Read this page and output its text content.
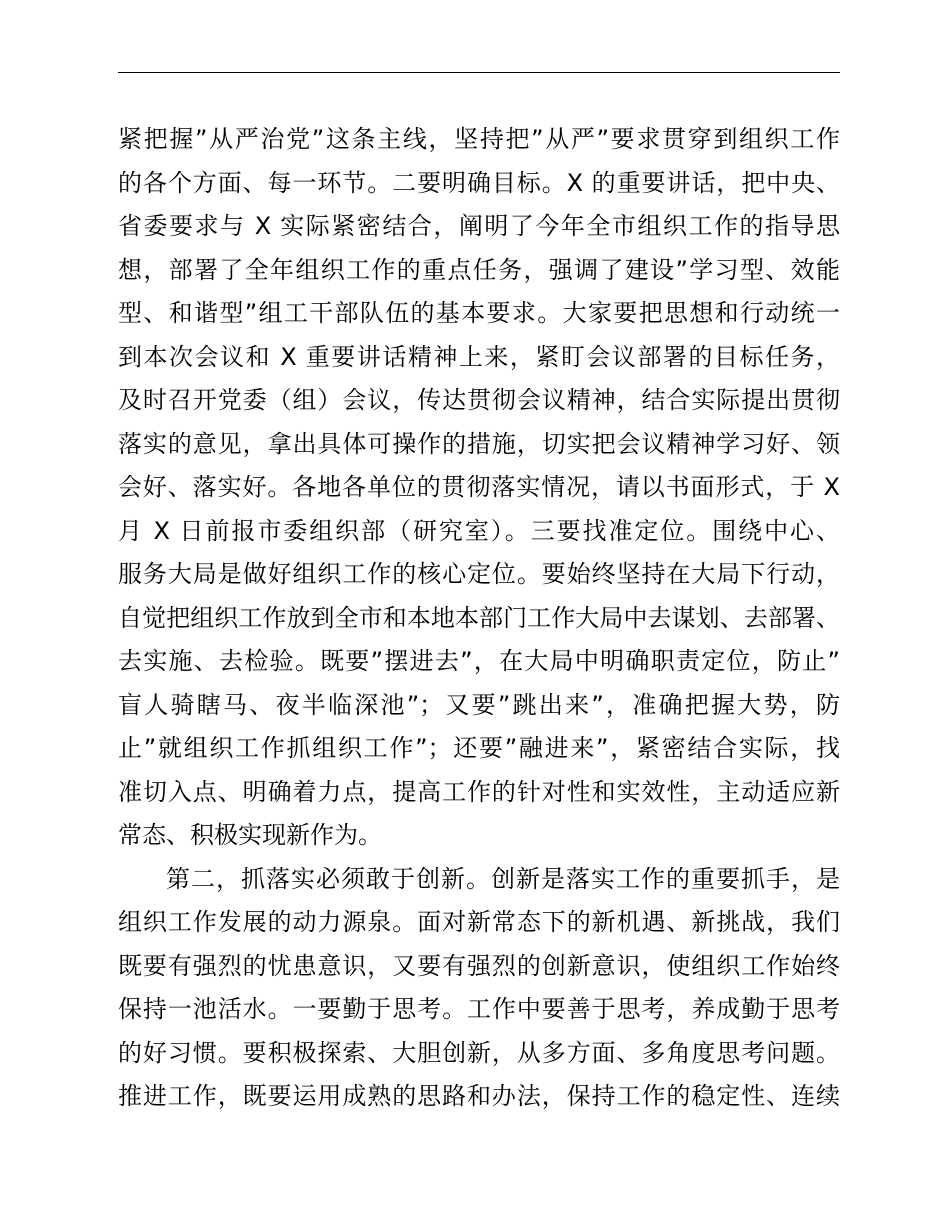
紧把握”从严治党”这条主线，坚持把”从严”要求贯穿到组织工作
的各个方面、每一环节。二要明确目标。X 的重要讲话，把中央、
省委要求与 X 实际紧密结合，阐明了今年全市组织工作的指导思
想，部署了全年组织工作的重点任务，强调了建设”学习型、效能
型、和谐型”组工干部队伍的基本要求。大家要把思想和行动统一
到本次会议和 X 重要讲话精神上来，紧盯会议部署的目标任务，
及时召开党委（组）会议，传达贯彻会议精神，结合实际提出贯彻
落实的意见，拿出具体可操作的措施，切实把会议精神学习好、领
会好、落实好。各地各单位的贯彻落实情况，请以书面形式，于 X
月 X 日前报市委组织部（研究室）。三要找准定位。围绕中心、
服务大局是做好组织工作的核心定位。要始终坚持在大局下行动，
自觉把组织工作放到全市和本地本部门工作大局中去谋划、去部署、
去实施、去检验。既要”摆进去”，在大局中明确职责定位，防止”
盲人骑瞎马、夜半临深池”；又要”跳出来”，准确把握大势，防
止”就组织工作抓组织工作”；还要”融进来”，紧密结合实际，找
准切入点、明确着力点，提高工作的针对性和实效性，主动适应新
常态、积极实现新作为。
第二，抓落实必须敢于创新。创新是落实工作的重要抓手，是
组织工作发展的动力源泉。面对新常态下的新机遇、新挑战，我们
既要有强烈的忧患意识，又要有强烈的创新意识，使组织工作始终
保持一池活水。一要勤于思考。工作中要善于思考，养成勤于思考
的好习惯。要积极探索、大胆创新，从多方面、多角度思考问题。
推进工作，既要运用成熟的思路和办法，保持工作的稳定性、连续
